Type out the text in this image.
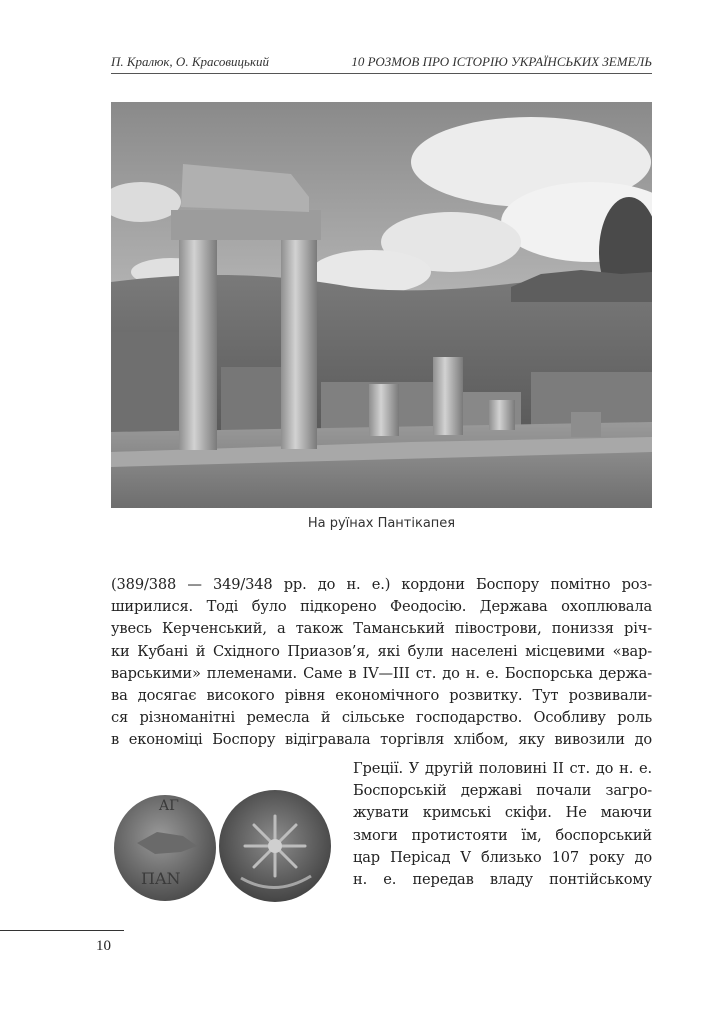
П. Кралюк, О. Красовицький	10 РОЗМОВ ПРО ІСТОРІЮ УКРАЇНСЬКИХ ЗЕМЕЛЬ
На руїнах Пантікапея
(389/388 — 349/348 рр. до н. е.) кордони Боспору помітно роз-
ширилися. Тоді було підкорено Феодосію. Держава охоплювала
увесь Керченський, а також Таманський півострови, пониззя річ-
ки Кубані й Східного Приазов’я, які були населені місцевими «вар-
варськими» племенами. Саме в IV—III ст. до н. е. Боспорська держа-
ва досягає високого рівня економічного розвитку. Тут розвивали-
ся різноманітні ремесла й сільське господарство. Особливу роль
в економіці Боспору відігравала торгівля хлібом, яку вивозили до
ΑΓ
ΠΑΝ
Греції. У другій половині II ст. до н. е.
Боспорській державі почали загро-
жувати кримські скіфи. Не маючи
змоги протистояти їм, боспорський
цар Перісад V близько 107 року до
н. е. передав владу понтійському
10
